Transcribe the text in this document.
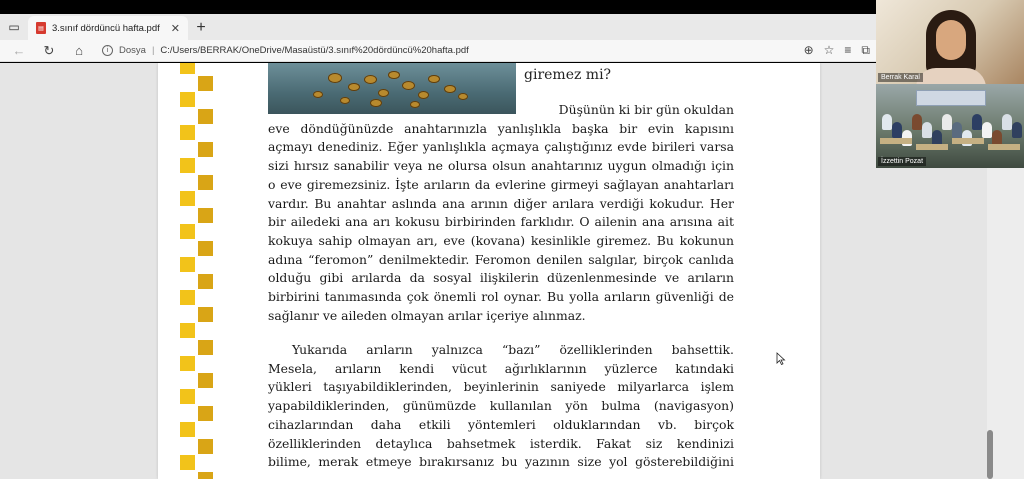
▭	▤ 3.sınıf dördüncü hafta.pdf	✕	+
←	↻	⌂	i	Dosya | C:/Users/BERRAK/OneDrive/Masaüstü/3.sınıf%20dördüncü%20hafta.pdf	⊕ ☆ ≡ ⧉
giremez mi?
Düşünün ki bir gün okuldan
eve döndüğünüzde anahtarınızla yanlışlıkla başka bir evin kapısını
açmayı denediniz. Eğer yanlışlıkla açmaya çalıştığınız evde birileri varsa
sizi hırsız sanabilir veya ne olursa olsun anahtarınız uygun olmadığı için
o eve giremezsiniz. İşte arıların da evlerine girmeyi sağlayan anahtarları
vardır. Bu anahtar aslında ana arının diğer arılara verdiği kokudur. Her
bir ailedeki ana arı kokusu birbirinden farklıdır. O ailenin ana arısına ait
kokuya sahip olmayan arı, eve (kovana) kesinlikle giremez. Bu kokunun
adına “feromon” denilmektedir. Feromon denilen salgılar, birçok canlıda
olduğu gibi arılarda da sosyal ilişkilerin düzenlenmesinde ve arıların
birbirini tanımasında çok önemli rol oynar. Bu yolla arıların güvenliği de
sağlanır ve aileden olmayan arılar içeriye alınmaz.
Yukarıda arıların yalnızca “bazı” özelliklerinden bahsettik.
Mesela, arıların kendi vücut ağırlıklarının yüzlerce katındaki
yükleri taşıyabildiklerinden, beyinlerinin saniyede milyarlarca işlem
yapabildiklerinden, günümüzde kullanılan yön bulma (navigasyon)
cihazlarından daha etkili yöntemleri olduklarından vb. birçok
özelliklerinden detaylıca bahsetmek isterdik. Fakat siz kendinizi
bilime, merak etmeye bırakırsanız bu yazının size yol gösterebildiğini
Berrak Karal
İzzettin Pozat
